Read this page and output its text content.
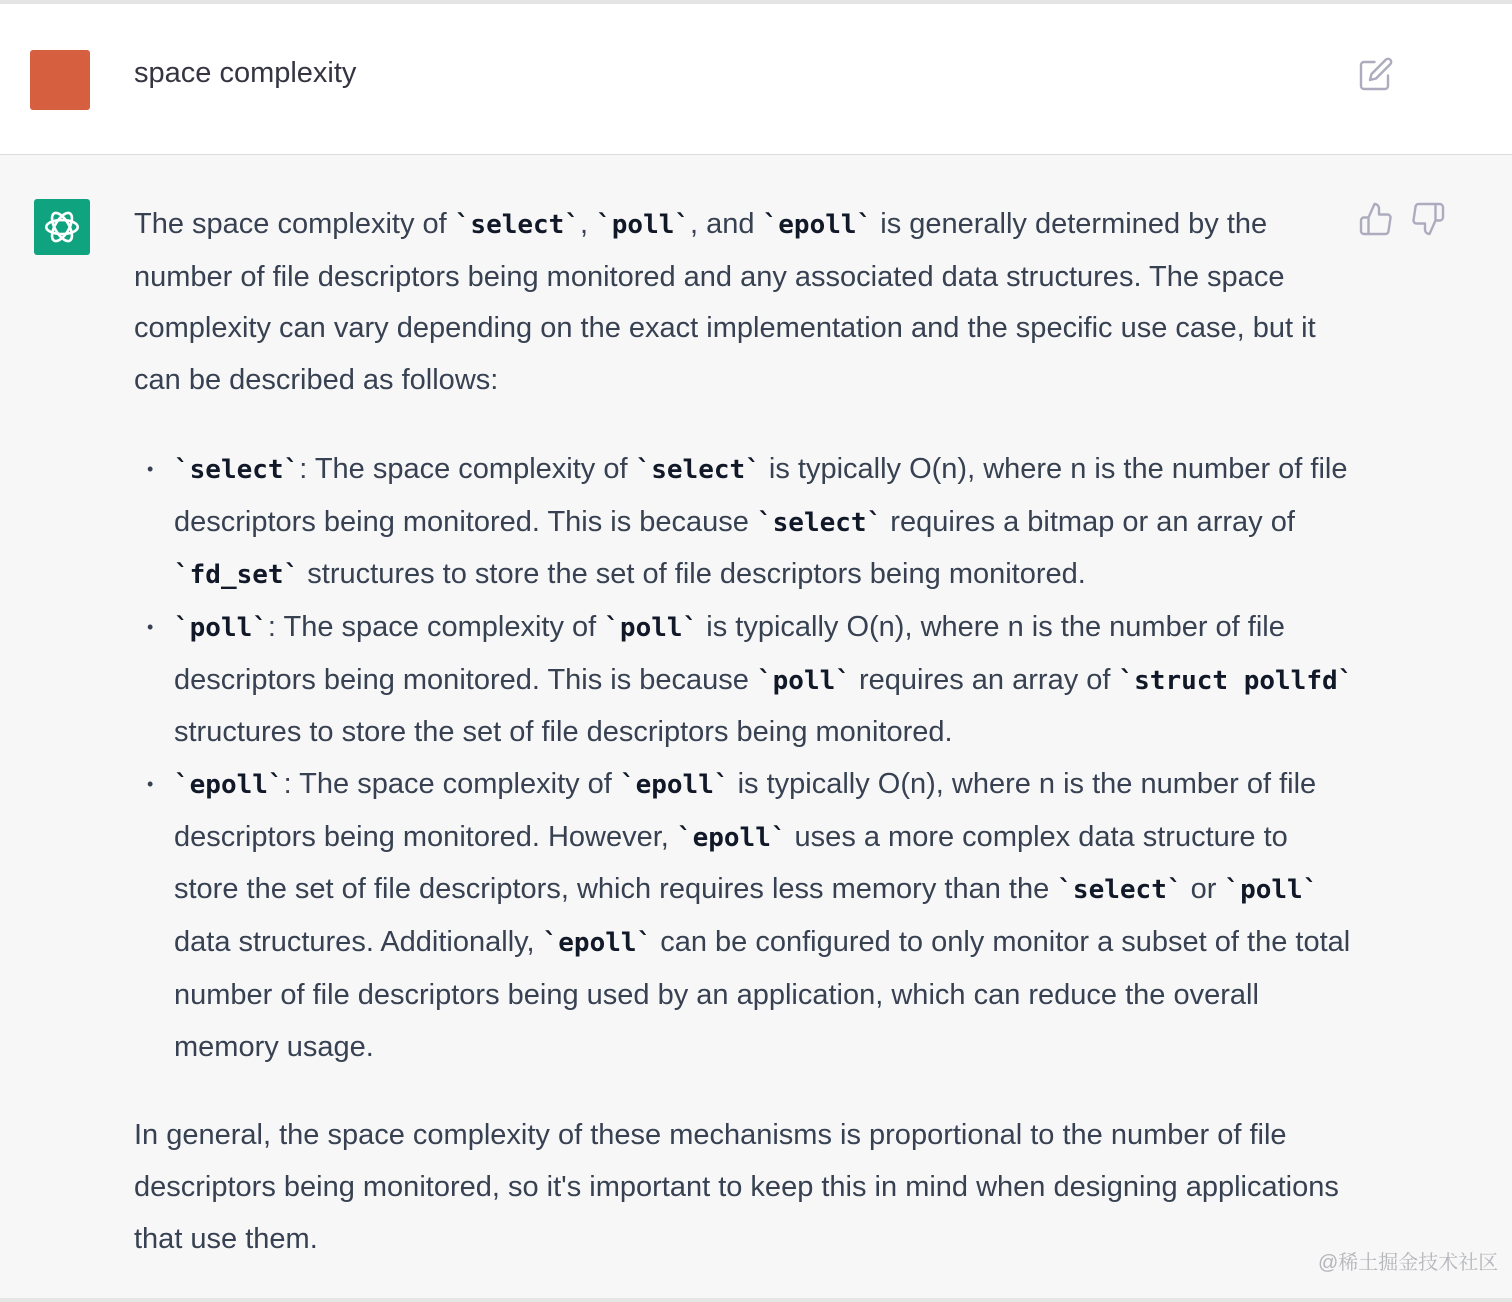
space complexity

The space complexity of `select`, `poll`, and `epoll` is generally determined by the number of file descriptors being monitored and any associated data structures. The space complexity can vary depending on the exact implementation and the specific use case, but it can be described as follows:

• `select`: The space complexity of `select` is typically O(n), where n is the number of file descriptors being monitored. This is because `select` requires a bitmap or an array of `fd_set` structures to store the set of file descriptors being monitored.
• `poll`: The space complexity of `poll` is typically O(n), where n is the number of file descriptors being monitored. This is because `poll` requires an array of `struct pollfd` structures to store the set of file descriptors being monitored.
• `epoll`: The space complexity of `epoll` is typically O(n), where n is the number of file descriptors being monitored. However, `epoll` uses a more complex data structure to store the set of file descriptors, which requires less memory than the `select` or `poll` data structures. Additionally, `epoll` can be configured to only monitor a subset of the total number of file descriptors being used by an application, which can reduce the overall memory usage.

In general, the space complexity of these mechanisms is proportional to the number of file descriptors being monitored, so it's important to keep this in mind when designing applications that use them.

@稀土掘金技术社区
